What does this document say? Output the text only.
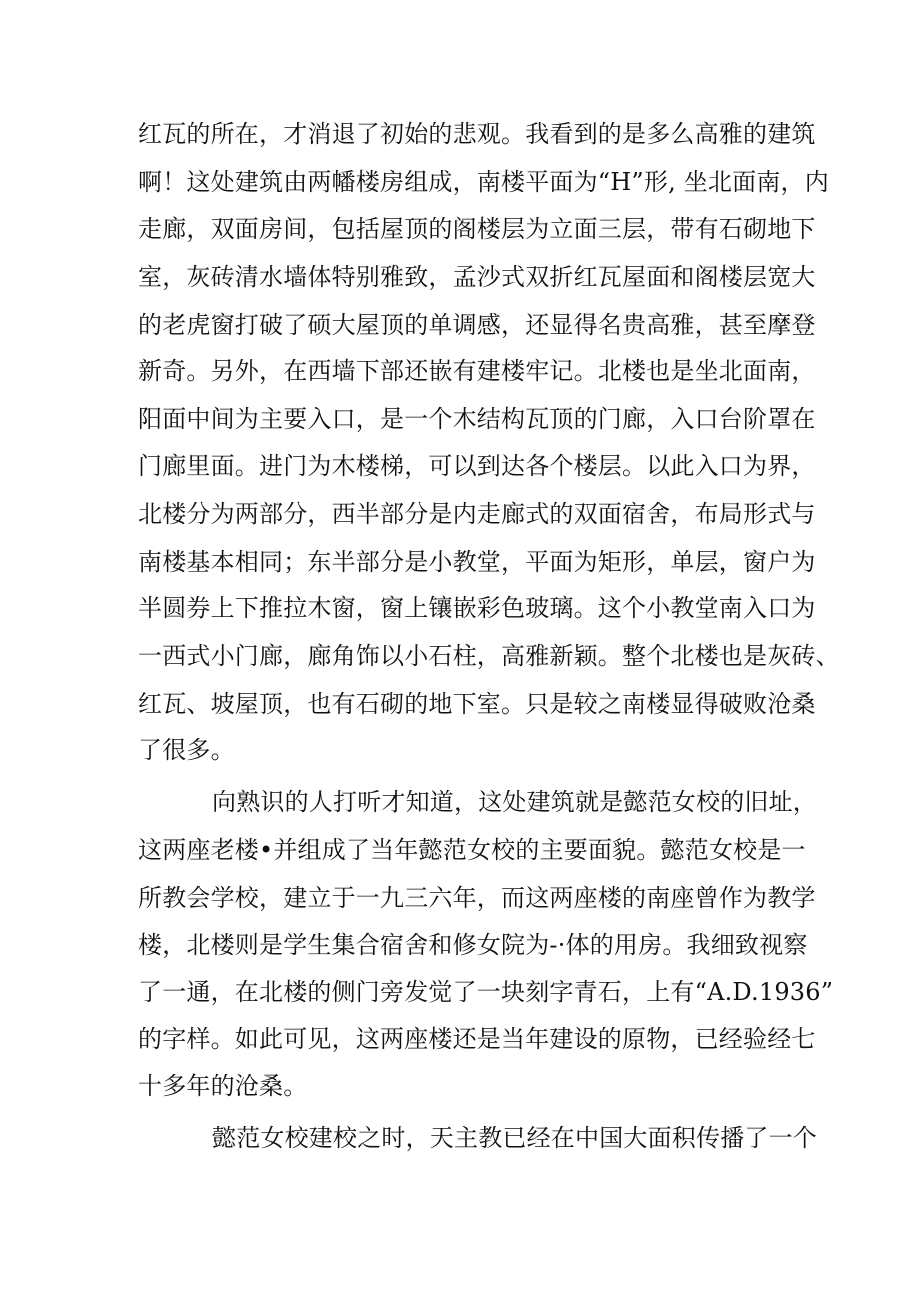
红瓦的所在，才消退了初始的悲观。我看到的是多么高雅的建筑
啊！这处建筑由两幡楼房组成，南楼平面为“H”形, 坐北面南，内
走廊，双面房间，包括屋顶的阁楼层为立面三层，带有石砌地下
室，灰砖清水墙体特别雅致，孟沙式双折红瓦屋面和阁楼层宽大
的老虎窗打破了硕大屋顶的单调感，还显得名贵高雅，甚至摩登
新奇。另外，在西墙下部还嵌有建楼牢记。北楼也是坐北面南，
阳面中间为主要入口，是一个木结构瓦顶的门廊，入口台阶罩在
门廊里面。进门为木楼梯，可以到达各个楼层。以此入口为界，
北楼分为两部分，西半部分是内走廊式的双面宿舍，布局形式与
南楼基本相同；东半部分是小教堂，平面为矩形，单层，窗户为
半圆券上下推拉木窗，窗上镶嵌彩色玻璃。这个小教堂南入口为
一西式小门廊，廊角饰以小石柱，高雅新颖。整个北楼也是灰砖、
红瓦、坡屋顶，也有石砌的地下室。只是较之南楼显得破败沧桑
了很多。
向熟识的人打听才知道，这处建筑就是懿范女校的旧址，
这两座老楼•并组成了当年懿范女校的主要面貌。懿范女校是一
所教会学校，建立于一九三六年，而这两座楼的南座曾作为教学
楼，北楼则是学生集合宿舍和修女院为-·体的用房。我细致视察
了一通，在北楼的侧门旁发觉了一块刻字青石，上有“A.D.1936”
的字样。如此可见，这两座楼还是当年建设的原物，已经验经七
十多年的沧桑。
懿范女校建校之时，天主教已经在中国大面积传播了一个
